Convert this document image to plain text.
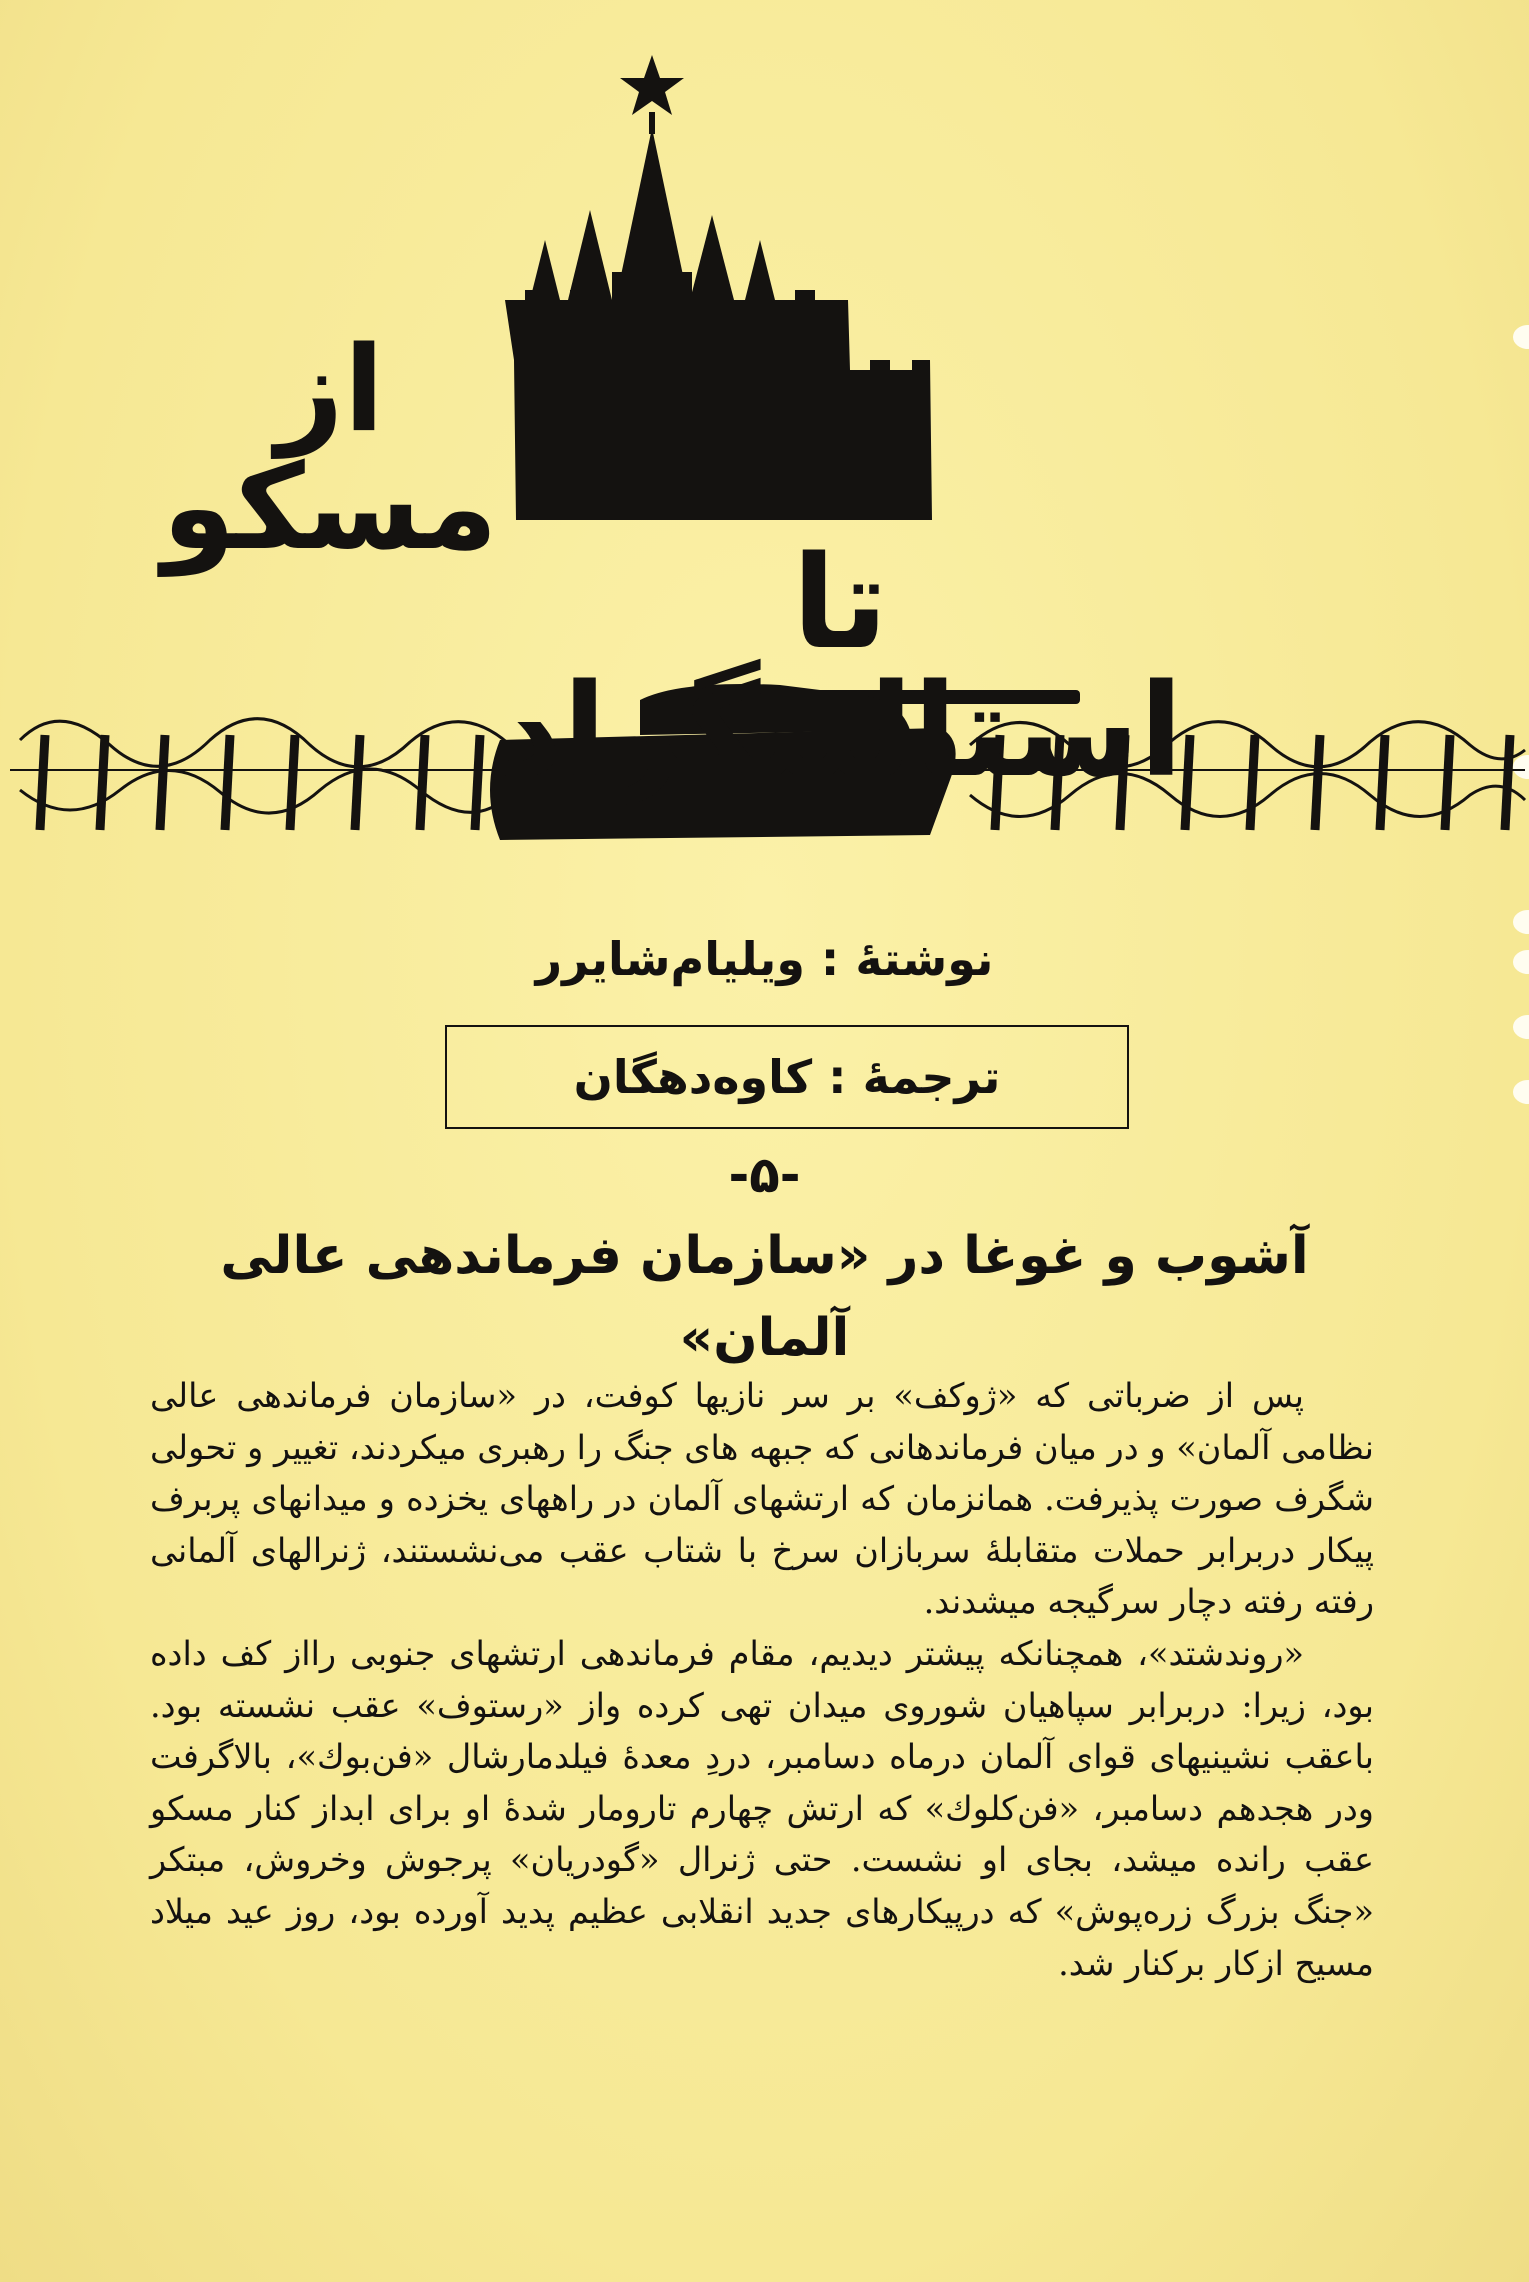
از مسکو
تا استالینگراد
نوشتهٔ : ویلیام‌شایرر
ترجمهٔ : کاوه‌دهگان
-۵-
آشوب و غوغا در «سازمان فرماندهی عالی آلمان»

پس از ضرباتی که «ژوکف» بر سر نازیها کوفت، در «سازمان فرماندهی عالی نظامی آلمان» و در میان فرماندهانی که جبهه های جنگ را رهبری میکردند، تغییر و تحولی شگرف صورت پذیرفت. همانزمان که ارتشهای آلمان در راههای یخزده و میدانهای پربرف پیکار دربرابر حملات متقابلهٔ سربازان سرخ با شتاب عقب می‌نشستند، ژنرالهای آلمانی رفته رفته دچار سرگیجه میشدند.

«روندشتد»، همچنانکه پیشتر دیدیم، مقام فرماندهی ارتشهای جنوبی رااز کف داده بود، زیرا: دربرابر سپاهیان شوروی میدان تهی کرده واز «رستوف» عقب نشسته بود. باعقب نشینیهای قوای آلمان درماه دسامبر، دردِ معدهٔ فیلدمارشال «فن‌بوك»، بالاگرفت ودر هجدهم دسامبر، «فن‌کلوك» که ارتش چهارم تارومار شدهٔ او برای ابداز کنار مسکو عقب رانده میشد، بجای او نشست. حتی ژنرال «گودریان» پرجوش وخروش، مبتکر «جنگ بزرگ زره‌پوش» که درپیکارهای جدید انقلابی عظیم پدید آورده بود، روز عید میلاد مسیح ازکار برکنار شد.
